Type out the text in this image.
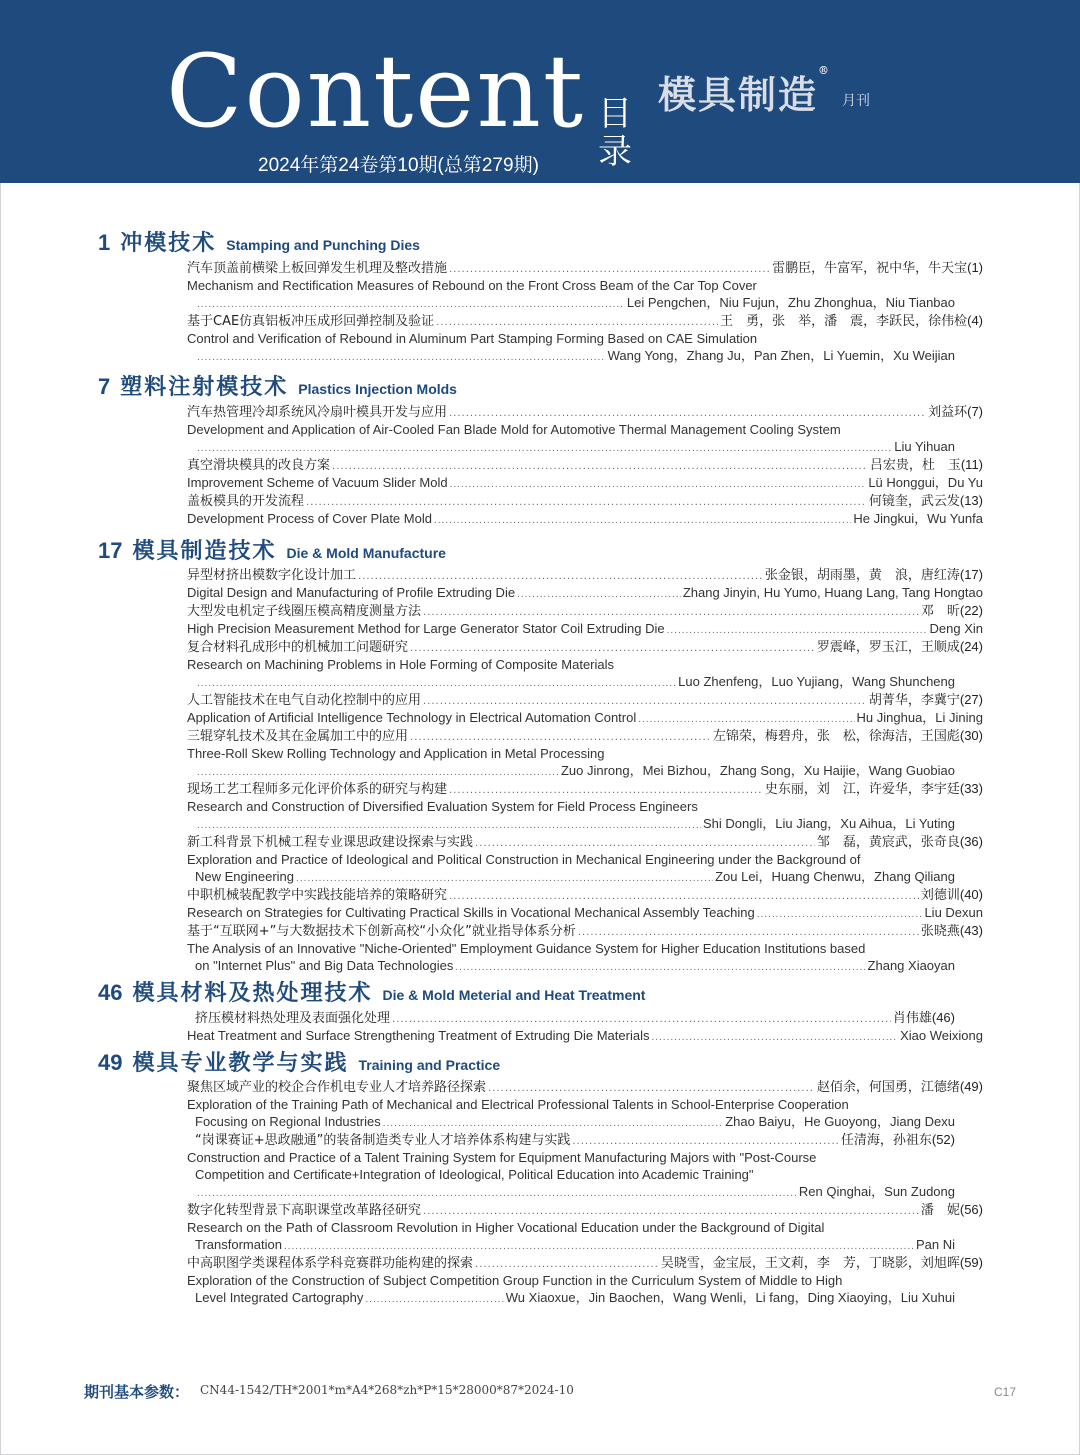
Content 目录
2024年第24卷第10期(总第279期)
模具制造®
月刊
1 冲模技术 Stamping and Punching Dies
7 塑料注射模技术 Plastics Injection Molds
17 模具制造技术 Die & Mold Manufacture
46 模具材料及热处理技术 Die & Mold Meterial and Heat Treatment
49 模具专业教学与实践 Training and Practice
汽车顶盖前横梁上板回弹发生机理及整改措施 .....	雷鹏臣，牛富军，祝中华，牛天宝 (1)
Mechanism and Rectification Measures of Rebound on the Front Cross Beam of the Car Top Cover
.....
Lei Pengchen，Niu Fujun，Zhu Zhonghua，Niu Tianbao
基于CAE仿真铝板冲压成形回弹控制及验证 .....	王　勇，张　举，潘　震，李跃民，徐伟检 (4)
Control and Verification of Rebound in Aluminum Part Stamping Forming Based on CAE Simulation
.....
Wang Yong，Zhang Ju，Pan Zhen，Li Yuemin，Xu Weijian
汽车热管理冷却系统风冷扇叶模具开发与应用 .....	刘益环 (7)
Development and Application of Air-Cooled Fan Blade Mold for Automotive Thermal Management Cooling System
.....
Liu Yihuan
真空滑块模具的改良方案 .....	吕宏贵，杜　玉 (11)
Improvement Scheme of Vacuum Slider Mold .....	Lü Honggui，Du Yu
盖板模具的开发流程 .....	何镜奎，武云发 (13)
Development Process of Cover Plate Mold .....	He Jingkui，Wu Yunfa
异型材挤出模数字化设计加工 .....	张金银，胡雨墨，黄　浪，唐红涛 (17)
Digital Design and Manufacturing of Profile Extruding Die .....	Zhang Jinyin, Hu Yumo, Huang Lang, Tang Hongtao
大型发电机定子线圈压模高精度测量方法 .....	邓　昕 (22)
High Precision Measurement Method for Large Generator Stator Coil Extruding Die .....	Deng Xin
复合材料孔成形中的机械加工问题研究 .....	罗震峰，罗玉江，王顺成 (24)
Research on Machining Problems in Hole Forming of Composite Materials
.....
Luo Zhenfeng，Luo Yujiang，Wang Shuncheng
人工智能技术在电气自动化控制中的应用 .....	胡菁华，李冀宁 (27)
Application of Artificial Intelligence Technology in Electrical Automation Control .....	Hu Jinghua，Li Jining
三辊穿轧技术及其在金属加工中的应用 .....	左锦荣，梅碧舟，张　松，徐海洁，王国彪 (30)
Three-Roll Skew Rolling Technology and Application in Metal Processing
.....
Zuo Jinrong，Mei Bizhou，Zhang Song，Xu Haijie，Wang Guobiao
现场工艺工程师多元化评价体系的研究与构建 .....	史东丽，刘　江，许爱华，李宇廷 (33)
Research and Construction of Diversified Evaluation System for Field Process Engineers
.....
Shi Dongli，Liu Jiang，Xu Aihua，Li Yuting
新工科背景下机械工程专业课思政建设探索与实践 .....	邹　磊，黄宸武，张奇良 (36)
Exploration and Practice of Ideological and Political Construction in Mechanical Engineering under the Background of
New Engineering .....	Zou Lei，Huang Chenwu，Zhang Qiliang
中职机械装配教学中实践技能培养的策略研究 .....	刘德训 (40)
Research on Strategies for Cultivating Practical Skills in Vocational Mechanical Assembly Teaching .....	Liu Dexun
基于“互联网+”与大数据技术下创新高校“小众化”就业指导体系分析 .....	张晓燕 (43)
The Analysis of an Innovative "Niche-Oriented" Employment Guidance System for Higher Education Institutions based
on "Internet Plus" and Big Data Technologies .....	Zhang Xiaoyan
挤压模材料热处理及表面强化处理 .....	肖伟雄 (46)
Heat Treatment and Surface Strengthening Treatment of Extruding Die Materials .....	Xiao Weixiong
聚焦区域产业的校企合作机电专业人才培养路径探索 .....	赵佰余，何国勇，江德绪 (49)
Exploration of the Training Path of Mechanical and Electrical Professional Talents in School-Enterprise Cooperation
Focusing on Regional Industries .....	Zhao Baiyu，He Guoyong，Jiang Dexu
“岗课赛证+思政融通”的装备制造类专业人才培养体系构建与实践 .....	任清海，孙祖东 (52)
Construction and Practice of a Talent Training System for Equipment Manufacturing Majors with "Post-Course
Competition and Certificate+Integration of Ideological, Political Education into Academic Training"
.....
Ren Qinghai，Sun Zudong
数字化转型背景下高职课堂改革路径研究 .....	潘　妮 (56)
Research on the Path of Classroom Revolution in Higher Vocational Education under the Background of Digital
Transformation .....	Pan Ni
中高职图学类课程体系学科竞赛群功能构建的探索 .....	吴晓雪，金宝辰，王文莉，李　芳，丁晓影，刘旭晖 (59)
Exploration of the Construction of Subject Competition Group Function in the Curriculum System of Middle to High
Level Integrated Cartography .....	Wu Xiaoxue，Jin Baochen，Wang Wenli，Li fang，Ding Xiaoying，Liu Xuhui
期刊基本参数： CN44-1542/TH*2001*m*A4*268*zh*P*15*28000*87*2024-10	C17
